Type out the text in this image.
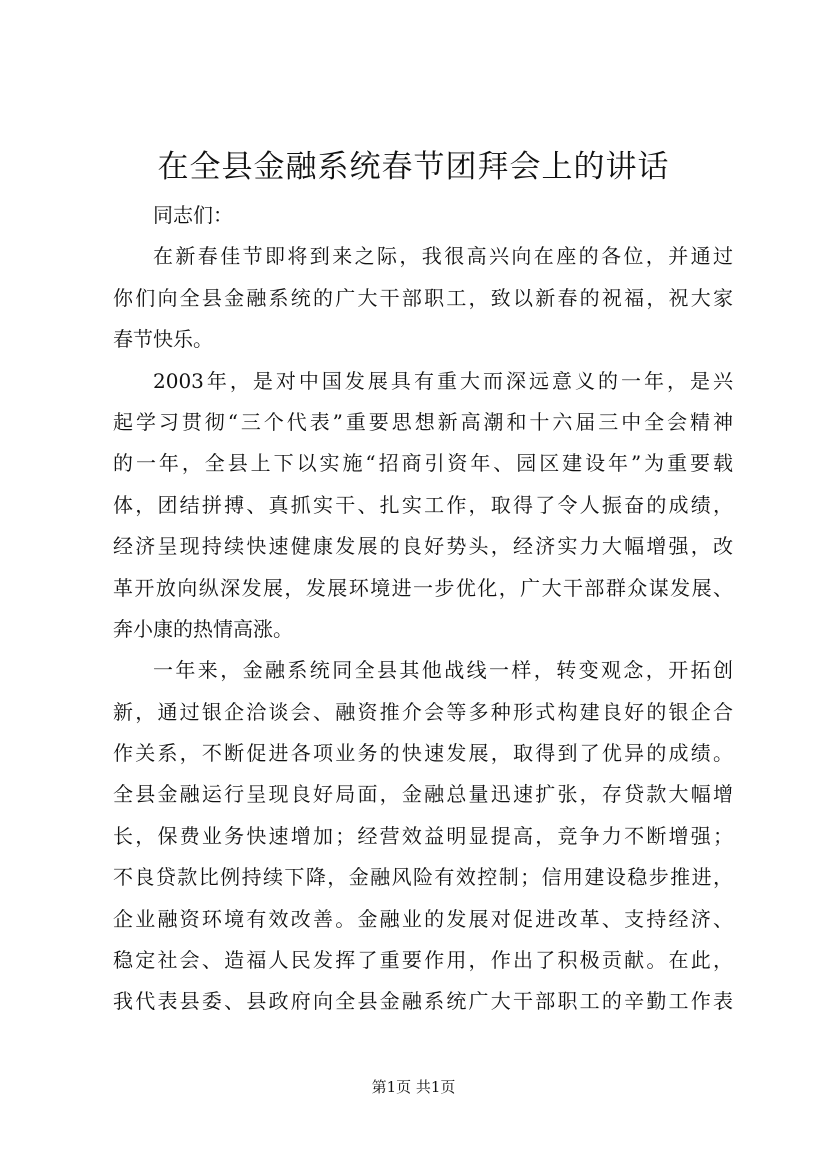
在全县金融系统春节团拜会上的讲话
同志们：
在新春佳节即将到来之际，我很高兴向在座的各位，并通过
你们向全县金融系统的广大干部职工，致以新春的祝福，祝大家
春节快乐。
2003年，是对中国发展具有重大而深远意义的一年，是兴
起学习贯彻“三个代表”重要思想新高潮和十六届三中全会精神
的一年，全县上下以实施“招商引资年、园区建设年”为重要载
体，团结拼搏、真抓实干、扎实工作，取得了令人振奋的成绩，
经济呈现持续快速健康发展的良好势头，经济实力大幅增强，改
革开放向纵深发展，发展环境进一步优化，广大干部群众谋发展、
奔小康的热情高涨。
一年来，金融系统同全县其他战线一样，转变观念，开拓创
新，通过银企洽谈会、融资推介会等多种形式构建良好的银企合
作关系，不断促进各项业务的快速发展，取得到了优异的成绩。
全县金融运行呈现良好局面，金融总量迅速扩张，存贷款大幅增
长，保费业务快速增加；经营效益明显提高，竞争力不断增强；
不良贷款比例持续下降，金融风险有效控制；信用建设稳步推进，
企业融资环境有效改善。金融业的发展对促进改革、支持经济、
稳定社会、造福人民发挥了重要作用，作出了积极贡献。在此，
我代表县委、县政府向全县金融系统广大干部职工的辛勤工作表
第1页 共1页
